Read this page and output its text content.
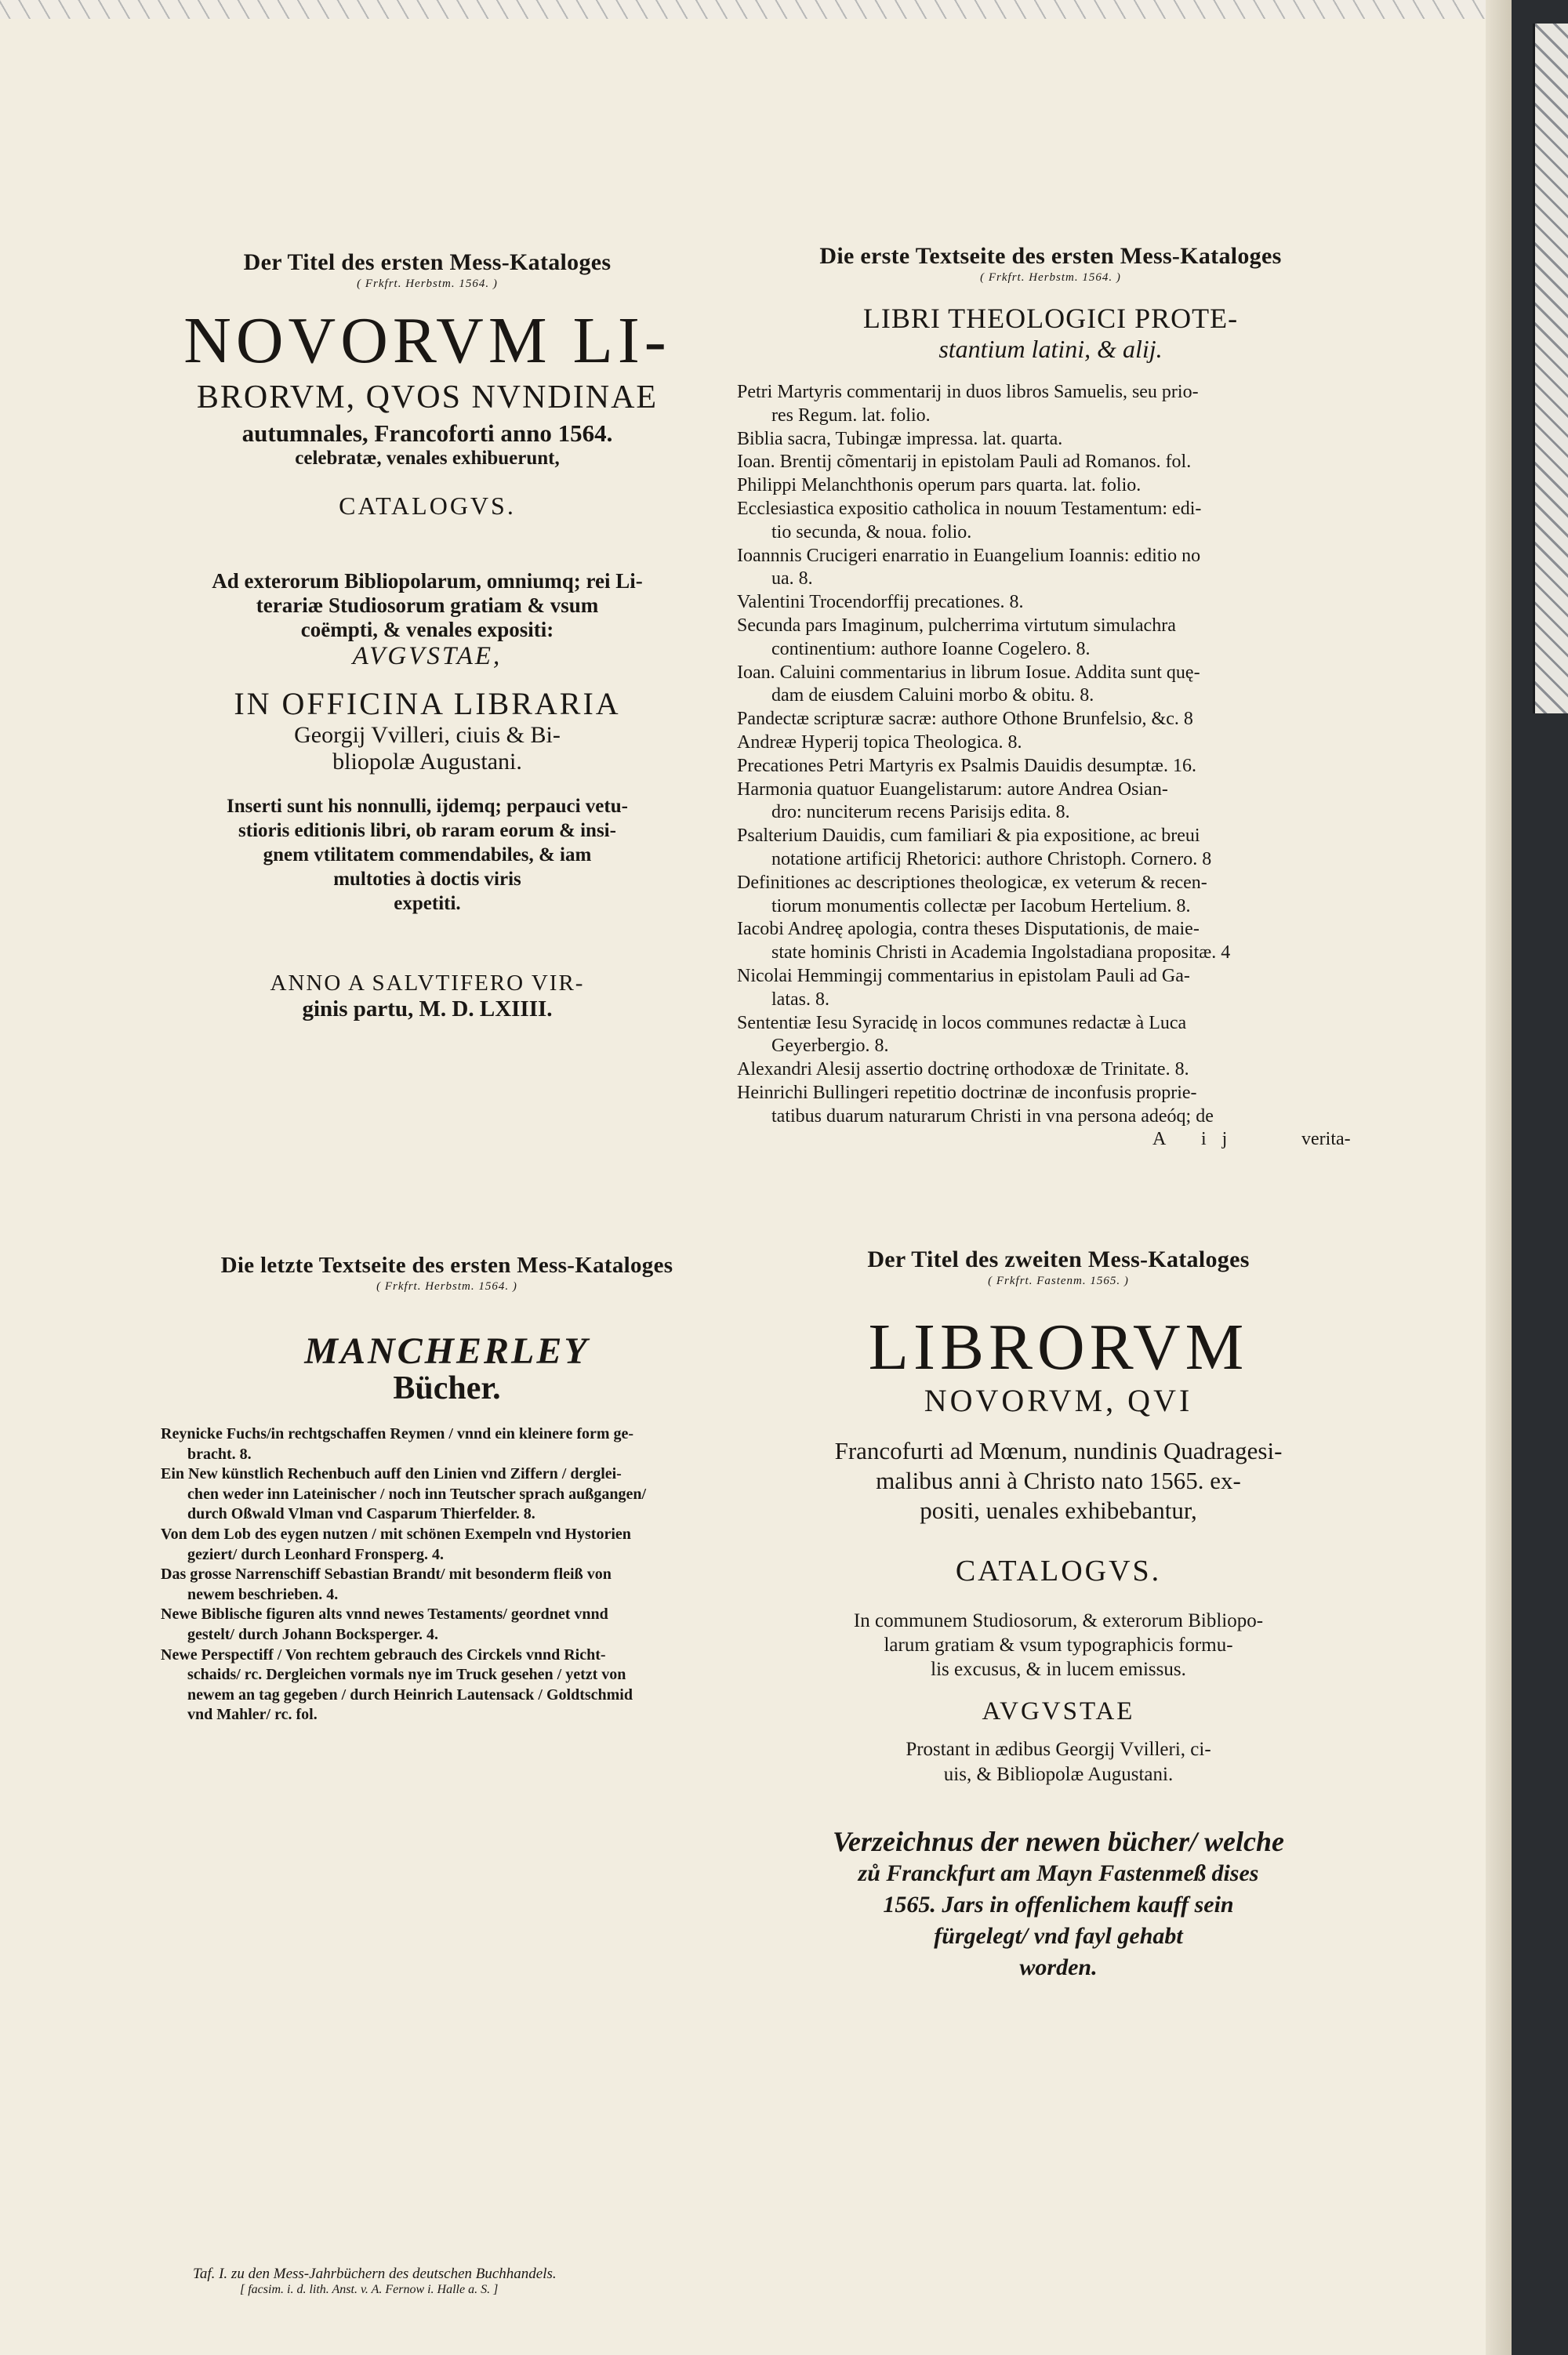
Der Titel des ersten Mess-Kataloges
( Frkfrt. Herbstm. 1564. )
NOVORVM LI-
BRORVM, QVOS NVNDINAE
autumnales, Francoforti anno 1564.
celebratæ, venales exhibuerunt,
CATALOGVS.
Ad exterorum Bibliopolarum, omniumq; rei Li-
terariæ Studiosorum gratiam & vsum
coëmpti, & venales expositi:
AVGVSTAE,
IN OFFICINA LIBRARIA
Georgij Vvilleri, ciuis & Bi-
bliopolæ Augustani.
Inserti sunt his nonnulli, ijdemq; perpauci vetu-
stioris editionis libri, ob raram eorum & insi-
gnem vtilitatem commendabiles, & iam
multoties à doctis viris
expetiti.
ANNO A SALVTIFERO VIR-
ginis partu, M. D. LXIIII.
Die erste Textseite des ersten Mess-Kataloges
( Frkfrt. Herbstm. 1564. )
LIBRI THEOLOGICI PROTE-
stantium latini, & alij.
Petri Martyris commentarij in duos libros Samuelis, seu prio-
res Regum. lat. folio.
Biblia sacra, Tubingæ impressa. lat. quarta.
Ioan. Brentij cõmentarij in epistolam Pauli ad Romanos. fol.
Philippi Melanchthonis operum pars quarta. lat. folio.
Ecclesiastica expositio catholica in nouum Testamentum: edi-
tio secunda, & noua. folio.
Ioannnis Crucigeri enarratio in Euangelium Ioannis: editio no
ua. 8.
Valentini Trocendorffij precationes. 8.
Secunda pars Imaginum, pulcherrima virtutum simulachra
continentium: authore Ioanne Cogelero. 8.
Ioan. Caluini commentarius in librum Iosue. Addita sunt quę-
dam de eiusdem Caluini morbo & obitu. 8.
Pandectæ scripturæ sacræ: authore Othone Brunfelsio, &c. 8
Andreæ Hyperij topica Theologica. 8.
Precationes Petri Martyris ex Psalmis Dauidis desumptæ. 16.
Harmonia quatuor Euangelistarum: autore Andrea Osian-
dro: nunciterum recens Parisijs edita. 8.
Psalterium Dauidis, cum familiari & pia expositione, ac breui
notatione artificij Rhetorici: authore Christoph. Cornero. 8
Definitiones ac descriptiones theologicæ, ex veterum & recen-
tiorum monumentis collectæ per Iacobum Hertelium. 8.
Iacobi Andreę apologia, contra theses Disputationis, de maie-
state hominis Christi in Academia Ingolstadiana propositæ. 4
Nicolai Hemmingij commentarius in epistolam Pauli ad Ga-
latas. 8.
Sententiæ Iesu Syracidę in locos communes redactæ à Luca
Geyerbergio. 8.
Alexandri Alesij assertio doctrinę orthodoxæ de Trinitate. 8.
Heinrichi Bullingeri repetitio doctrinæ de inconfusis proprie-
tatibus duarum naturarum Christi in vna persona adeóq; de
A ij	verita-
Die letzte Textseite des ersten Mess-Kataloges
( Frkfrt. Herbstm. 1564. )
MANCHERLEY
Bücher.
Reynicke Fuchs/in rechtgschaffen Reymen / vnnd ein kleinere form ge-
bracht. 8.
Ein New künstlich Rechenbuch auff den Linien vnd Ziffern / derglei-
chen weder inn Lateinischer / noch inn Teutscher sprach außgangen/
durch Oßwald Vlman vnd Casparum Thierfelder. 8.
Von dem Lob des eygen nutzen / mit schönen Exempeln vnd Hystorien
geziert/ durch Leonhard Fronsperg. 4.
Das grosse Narrenschiff Sebastian Brandt/ mit besonderm fleiß von
newem beschrieben. 4.
Newe Biblische figuren alts vnnd newes Testaments/ geordnet vnnd
gestelt/ durch Johann Bocksperger. 4.
Newe Perspectiff / Von rechtem gebrauch des Circkels vnnd Richt-
schaids/ rc. Dergleichen vormals nye im Truck gesehen / yetzt von
newem an tag gegeben / durch Heinrich Lautensack / Goldtschmid
vnd Mahler/ rc. fol.
Taf. I. zu den Mess-Jahrbüchern des deutschen Buchhandels.
[ facsim. i. d. lith. Anst. v. A. Fernow i. Halle a. S. ]
Der Titel des zweiten Mess-Kataloges
( Frkfrt. Fastenm. 1565. )
LIBRORVM
NOVORVM, QVI
Francofurti ad Mœnum, nundinis Quadragesi-
malibus anni à Christo nato 1565. ex-
positi, uenales exhibebantur,
CATALOGVS.
In communem Studiosorum, & exterorum Bibliopo-
larum gratiam & vsum typographicis formu-
lis excusus, & in lucem emissus.
AVGVSTAE
Prostant in ædibus Georgij Vvilleri, ci-
uis, & Bibliopolæ Augustani.
Verzeichnus der newen bücher/ welche
zů Franckfurt am Mayn Fastenmeß dises
1565. Jars in offenlichem kauff sein
fürgelegt/ vnd fayl gehabt
worden.
